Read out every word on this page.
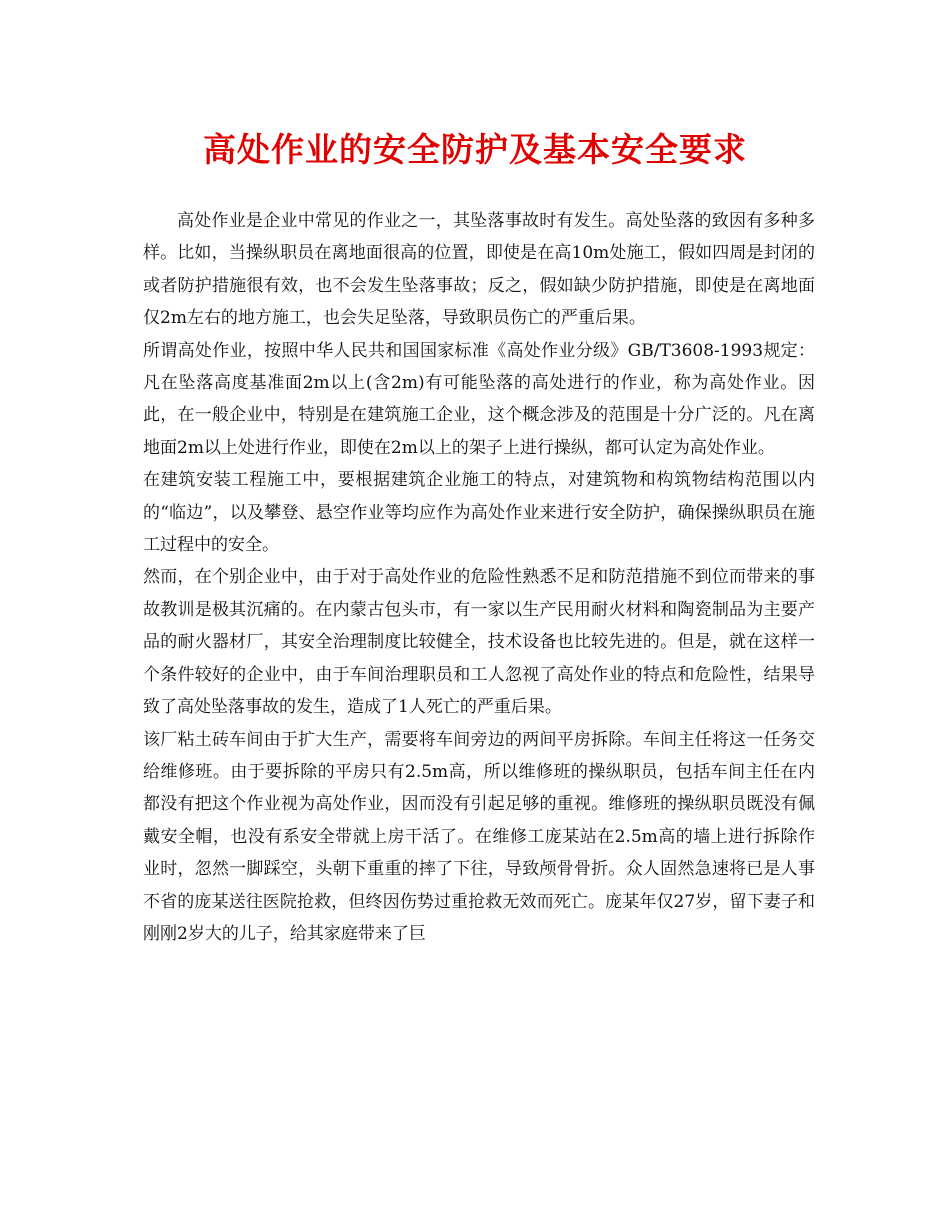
高处作业的安全防护及基本安全要求

高处作业是企业中常见的作业之一，其坠落事故时有发生。高处坠落的致因有多种多样。比如，当操纵职员在离地面很高的位置，即使是在高10m处施工，假如四周是封闭的或者防护措施很有效，也不会发生坠落事故；反之，假如缺少防护措施，即使是在离地面仅2m左右的地方施工，也会失足坠落，导致职员伤亡的严重后果。

所谓高处作业，按照中华人民共和国国家标准《高处作业分级》GB/T3608-1993规定：凡在坠落高度基准面2m以上(含2m)有可能坠落的高处进行的作业，称为高处作业。因此，在一般企业中，特别是在建筑施工企业，这个概念涉及的范围是十分广泛的。凡在离地面2m以上处进行作业，即使在2m以上的架子上进行操纵，都可认定为高处作业。

在建筑安装工程施工中，要根据建筑企业施工的特点，对建筑物和构筑物结构范围以内的“临边”，以及攀登、悬空作业等均应作为高处作业来进行安全防护，确保操纵职员在施工过程中的安全。

然而，在个别企业中，由于对于高处作业的危险性熟悉不足和防范措施不到位而带来的事故教训是极其沉痛的。在内蒙古包头市，有一家以生产民用耐火材料和陶瓷制品为主要产品的耐火器材厂，其安全治理制度比较健全，技术设备也比较先进的。但是，就在这样一个条件较好的企业中，由于车间治理职员和工人忽视了高处作业的特点和危险性，结果导致了高处坠落事故的发生，造成了1人死亡的严重后果。

该厂粘土砖车间由于扩大生产，需要将车间旁边的两间平房拆除。车间主任将这一任务交给维修班。由于要拆除的平房只有2.5m高，所以维修班的操纵职员，包括车间主任在内都没有把这个作业视为高处作业，因而没有引起足够的重视。维修班的操纵职员既没有佩戴安全帽，也没有系安全带就上房干活了。在维修工庞某站在2.5m高的墙上进行拆除作业时，忽然一脚踩空，头朝下重重的摔了下往，导致颅骨骨折。众人固然急速将已是人事不省的庞某送往医院抢救，但终因伤势过重抢救无效而死亡。庞某年仅27岁，留下妻子和刚刚2岁大的儿子，给其家庭带来了巨
